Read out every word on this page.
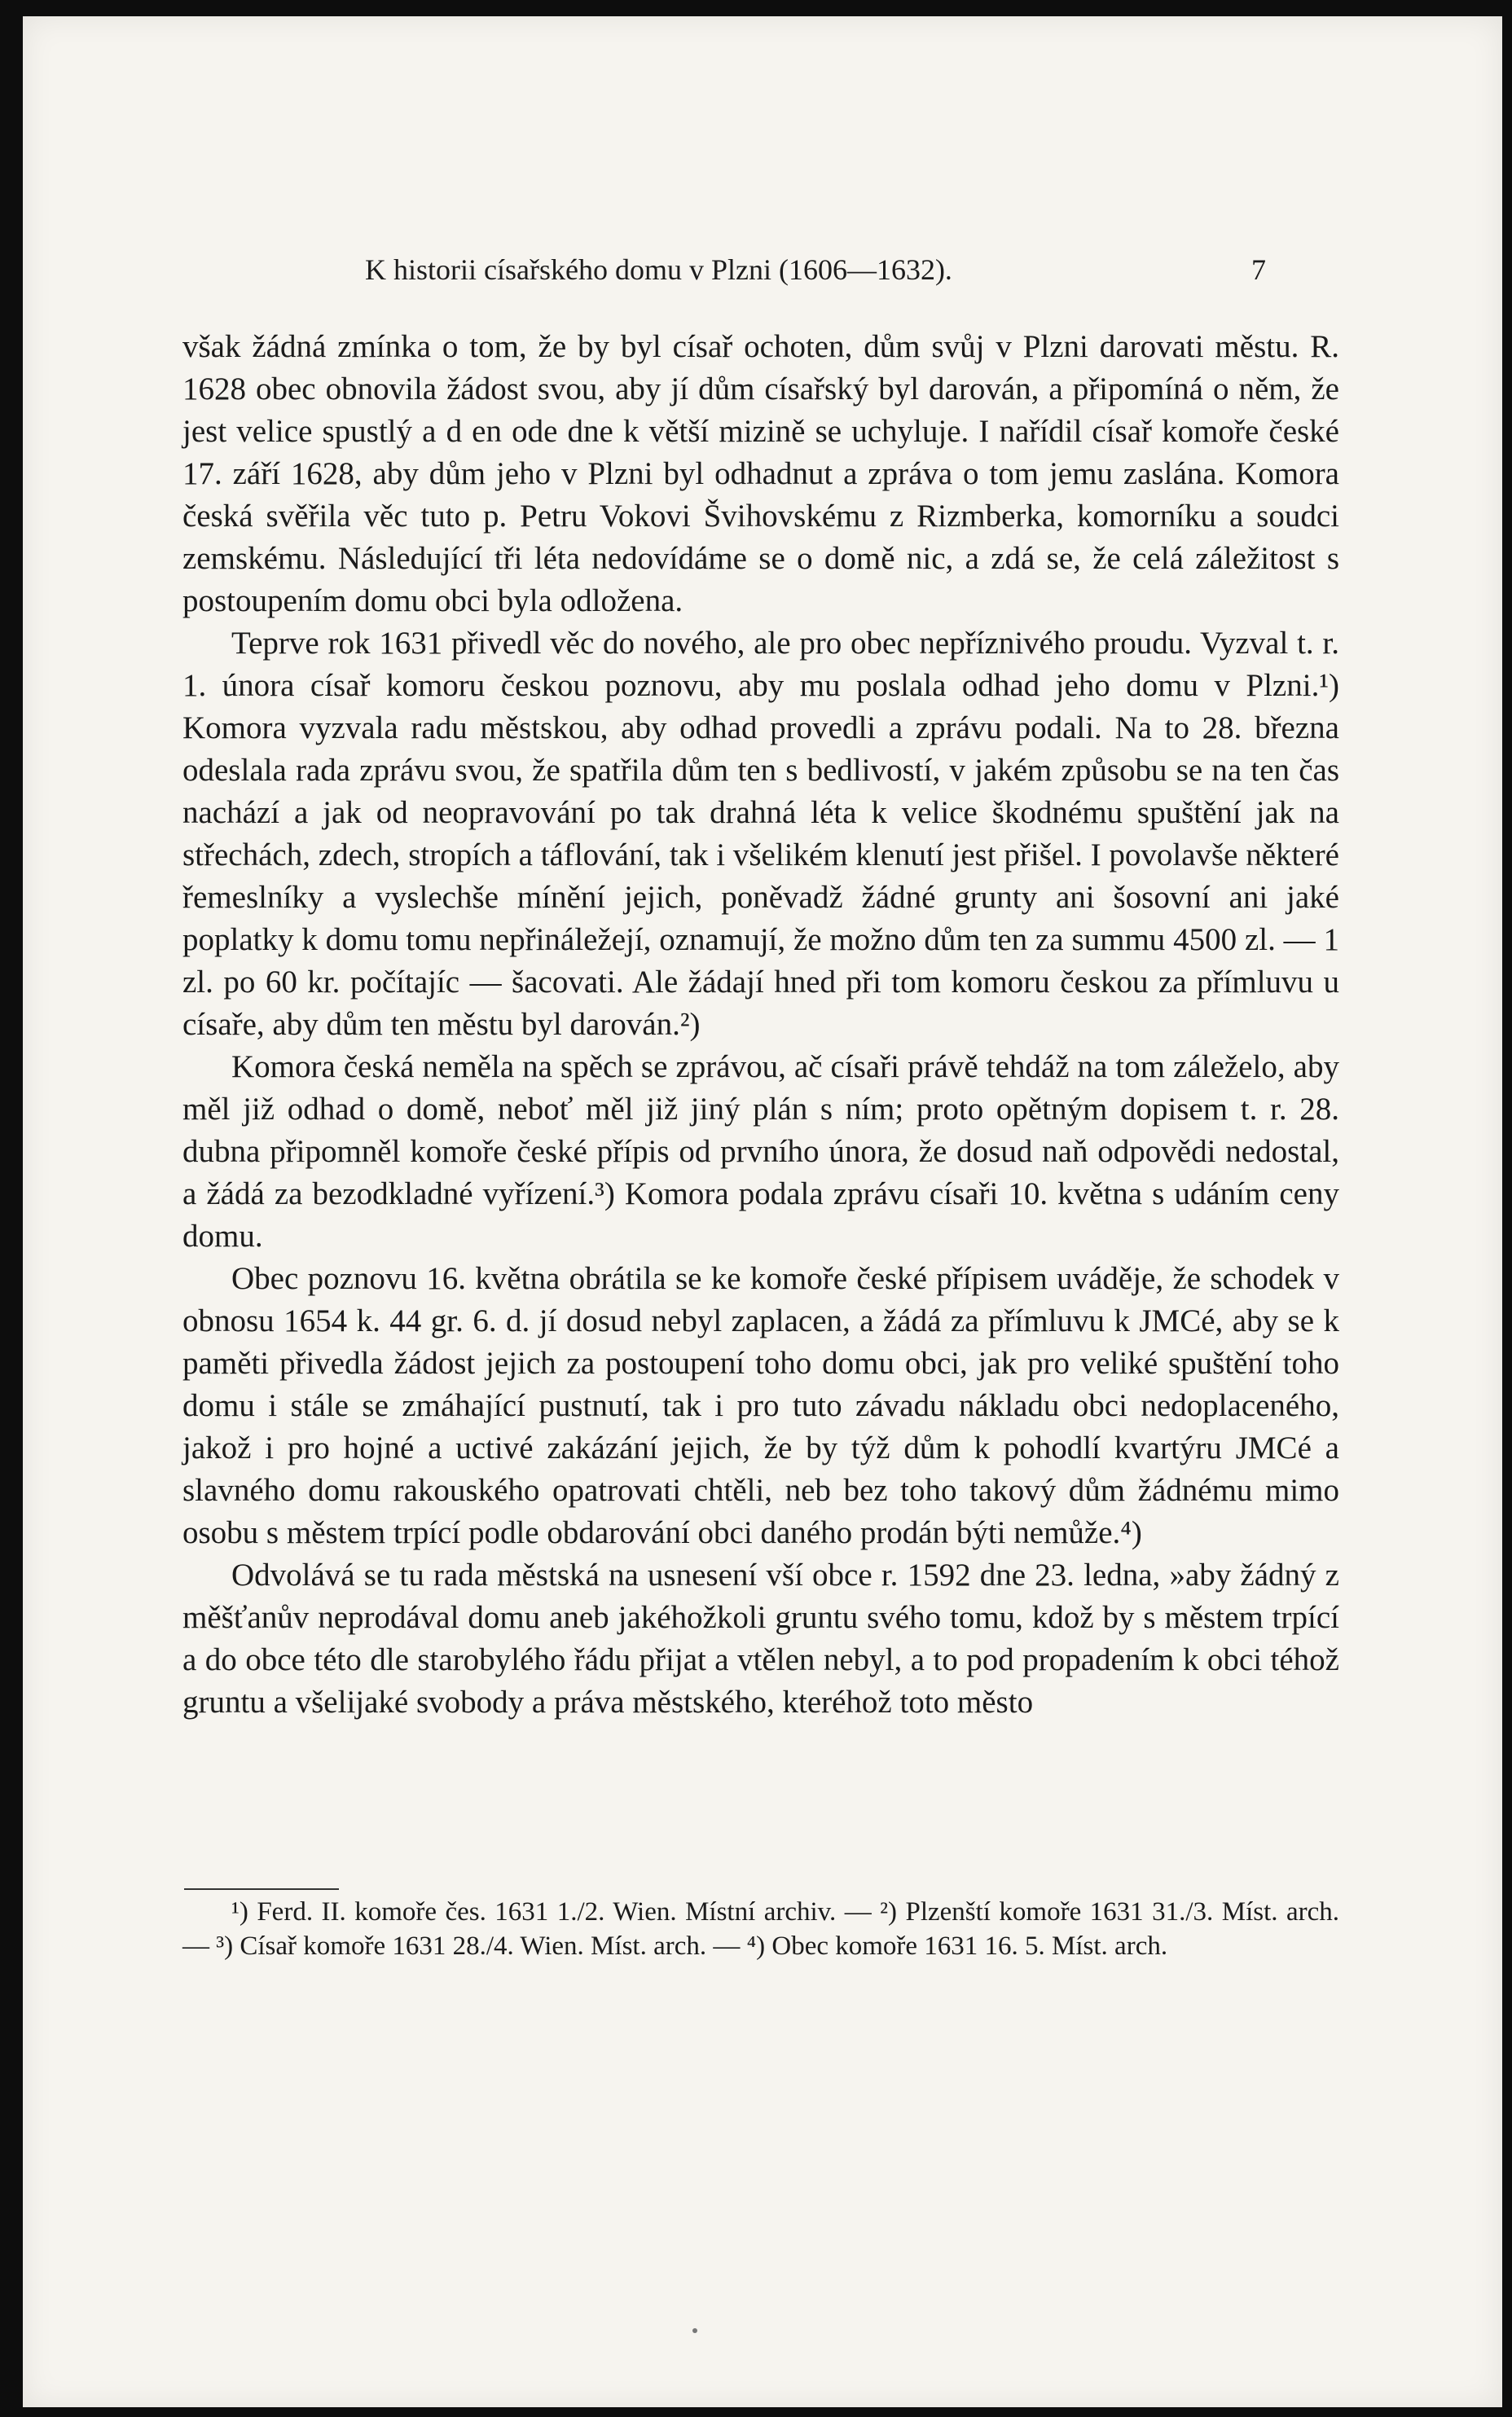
K historii císařského domu v Plzni (1606—1632).	7

však žádná zmínka o tom, že by byl císař ochoten, dům svůj v Plzni darovati městu. R. 1628 obec obnovila žádost svou, aby jí dům císařský byl darován, a připomíná o něm, že jest velice spustlý a d en ode dne k větší mizině se uchyluje. I nařídil císař komoře české 17. září 1628, aby dům jeho v Plzni byl odhadnut a zpráva o tom jemu zaslána. Komora česká svěřila věc tuto p. Petru Vokovi Švihovskému z Rizmberka, komorníku a soudci zemskému. Následující tři léta nedovídáme se o domě nic, a zdá se, že celá záležitost s postoupením domu obci byla odložena.

Teprve rok 1631 přivedl věc do nového, ale pro obec nepříznivého proudu. Vyzval t. r. 1. února císař komoru českou poznovu, aby mu poslala odhad jeho domu v Plzni.¹) Komora vyzvala radu městskou, aby odhad provedli a zprávu podali. Na to 28. března odeslala rada zprávu svou, že spatřila dům ten s bedlivostí, v jakém způsobu se na ten čas nachází a jak od neopravování po tak drahná léta k velice škodnému spuštění jak na střechách, zdech, stropích a táflování, tak i všelikém klenutí jest přišel. I povolavše některé řemeslníky a vyslechše mínění jejich, poněvadž žádné grunty ani šosovní ani jaké poplatky k domu tomu nepřináležejí, oznamují, že možno dům ten za summu 4500 zl. — 1 zl. po 60 kr. počítajíc — šacovati. Ale žádají hned při tom komoru českou za přímluvu u císaře, aby dům ten městu byl darován.²)

Komora česká neměla na spěch se zprávou, ač císaři právě tehdáž na tom záleželo, aby měl již odhad o domě, neboť měl již jiný plán s ním; proto opětným dopisem t. r. 28. dubna připomněl komoře české přípis od prvního února, že dosud naň odpovědi nedostal, a žádá za bezodkladné vyřízení.³) Komora podala zprávu císaři 10. května s udáním ceny domu.

Obec poznovu 16. května obrátila se ke komoře české přípisem uváděje, že schodek v obnosu 1654 k. 44 gr. 6. d. jí dosud nebyl zaplacen, a žádá za přímluvu k JMCé, aby se k paměti přivedla žádost jejich za postoupení toho domu obci, jak pro veliké spuštění toho domu i stále se zmáhající pustnutí, tak i pro tuto závadu nákladu obci nedoplaceného, jakož i pro hojné a uctivé zakázání jejich, že by týž dům k pohodlí kvartýru JMCé a slavného domu rakouského opatrovati chtěli, neb bez toho takový dům žádnému mimo osobu s městem trpící podle obdarování obci daného prodán býti nemůže.⁴)

Odvolává se tu rada městská na usnesení vší obce r. 1592 dne 23. ledna, »aby žádný z měšťanův neprodával domu aneb jakéhožkoli gruntu svého tomu, kdož by s městem trpící a do obce této dle starobylého řádu přijat a vtělen nebyl, a to pod propadením k obci téhož gruntu a všelijaké svobody a práva městského, kteréhož toto město

¹) Ferd. II. komoře čes. 1631 1./2. Wien. Místní archiv. — ²) Plzenští komoře 1631 31./3. Míst. arch. — ³) Císař komoře 1631 28./4. Wien. Míst. arch. — ⁴) Obec komoře 1631 16. 5. Míst. arch.
